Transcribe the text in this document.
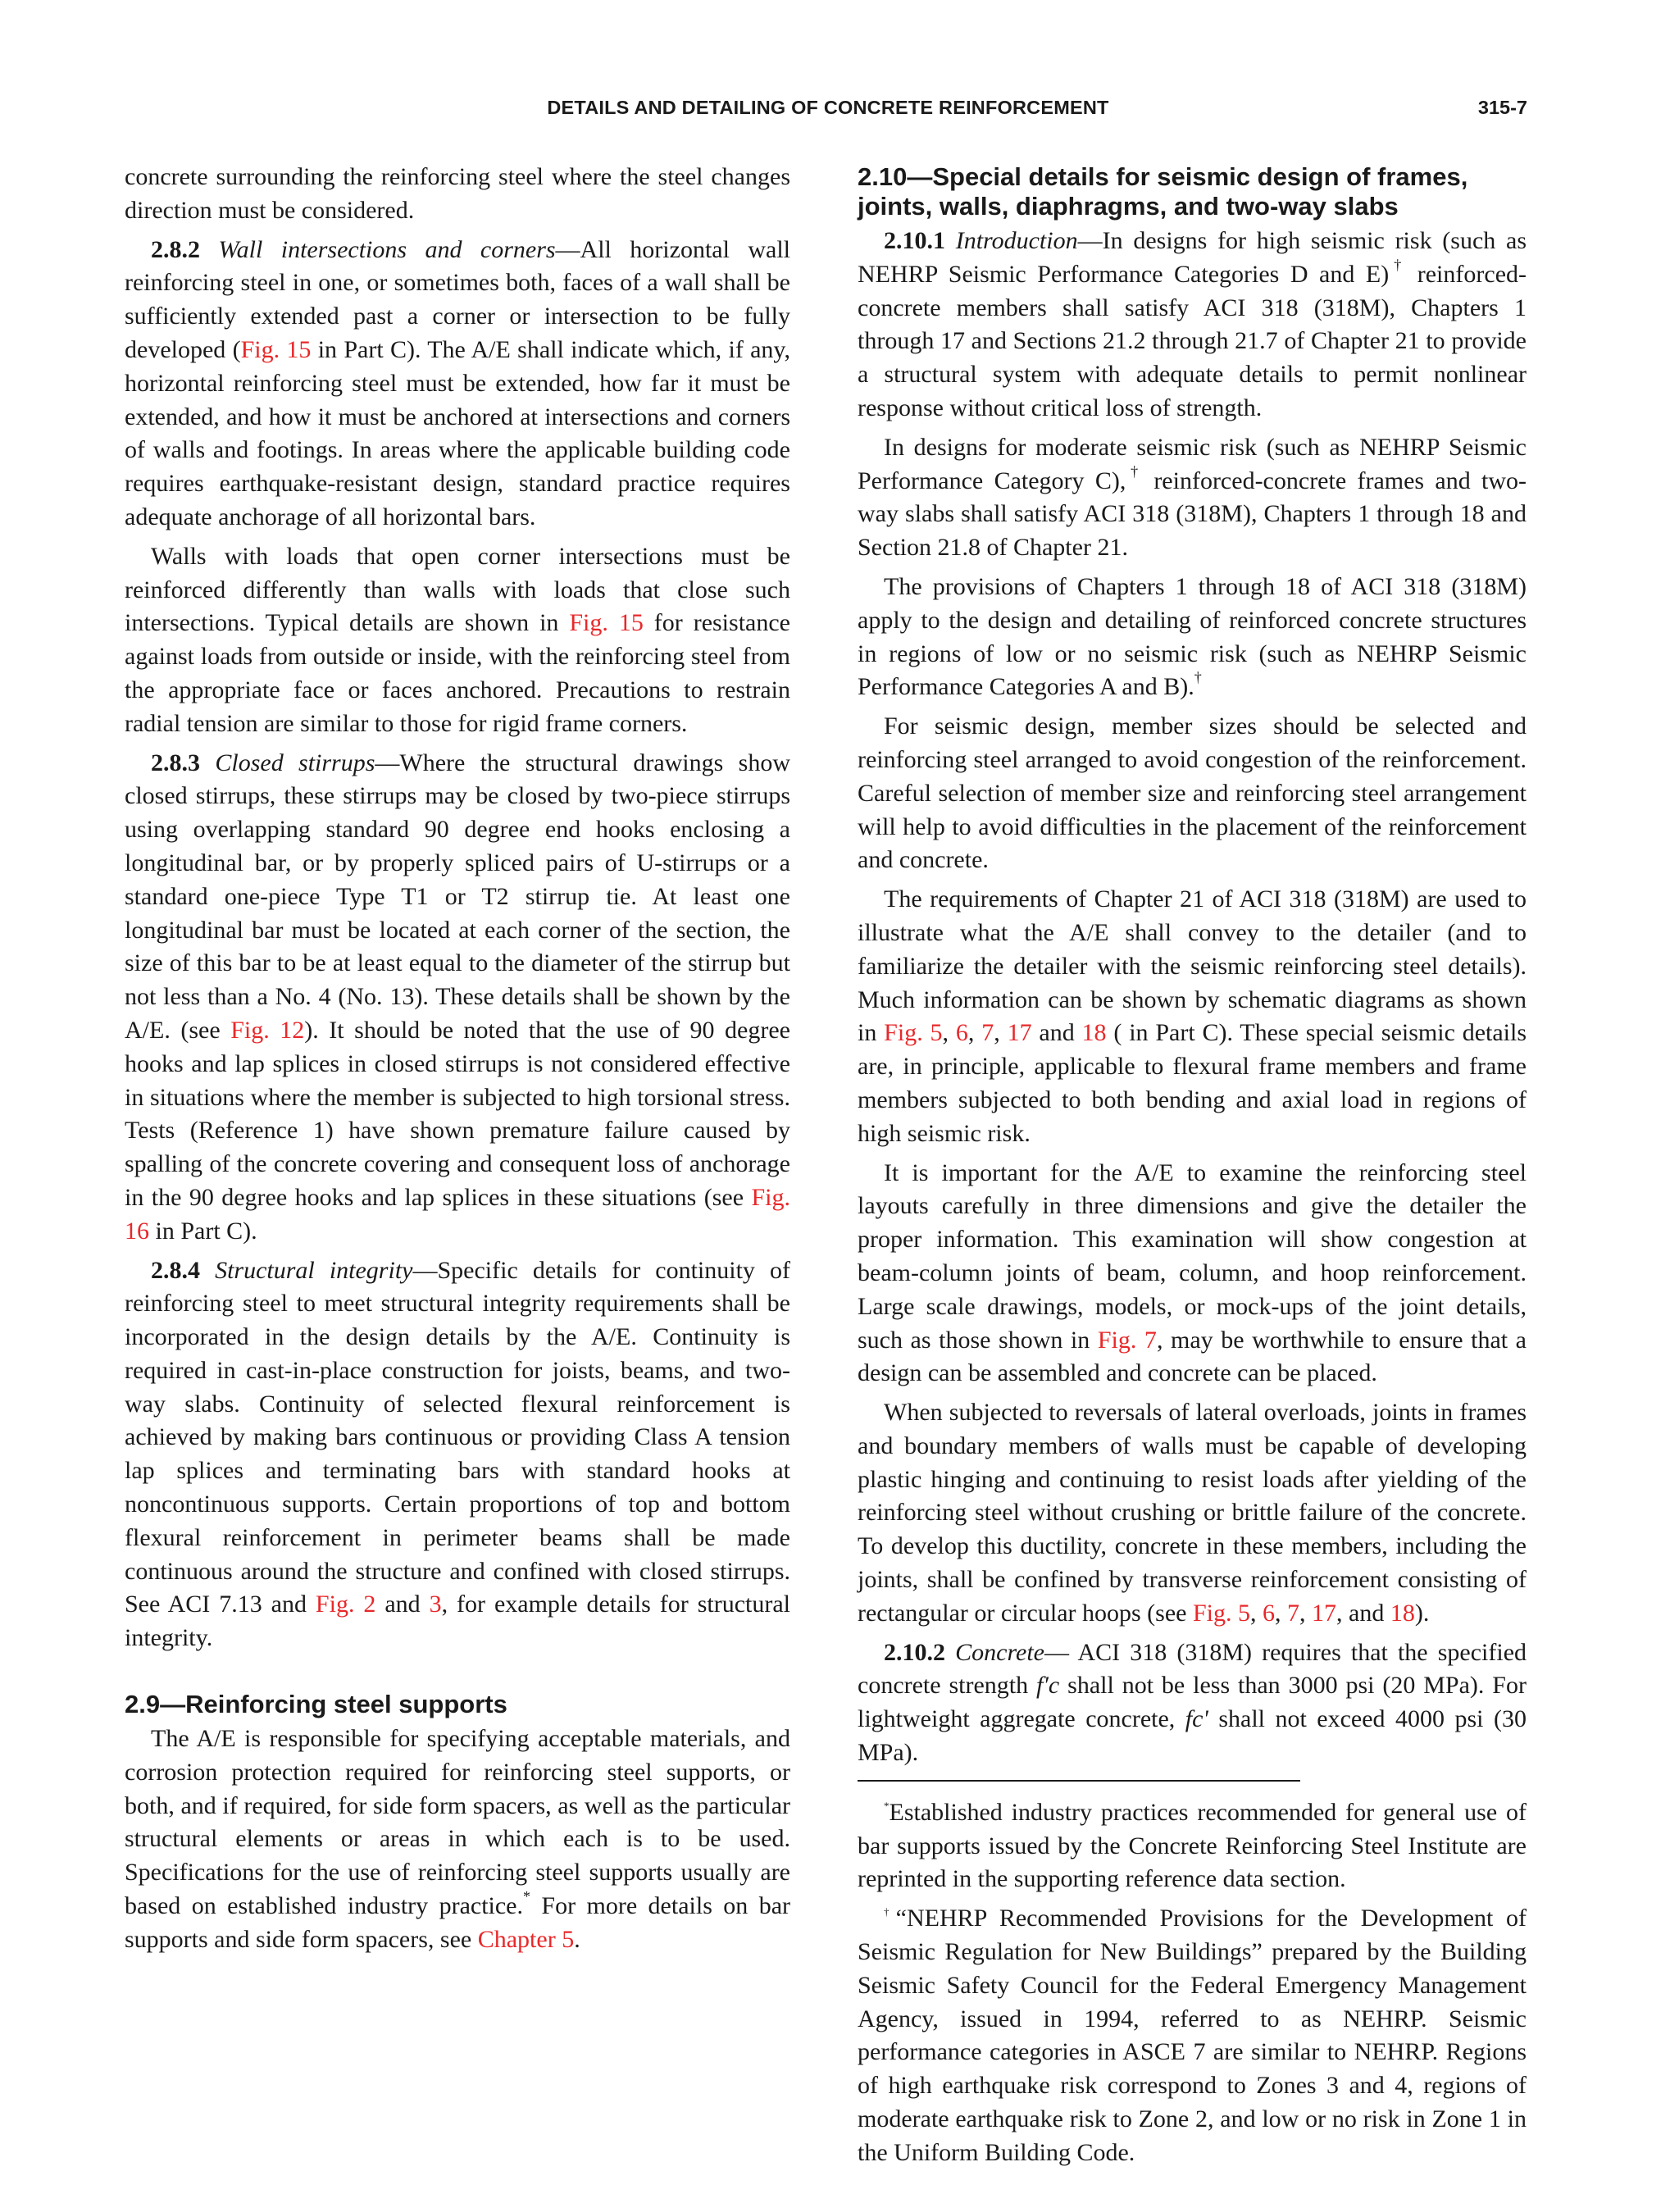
DETAILS AND DETAILING OF CONCRETE REINFORCEMENT	315-7

concrete surrounding the reinforcing steel where the steel changes direction must be considered.

2.8.2 Wall intersections and corners—All horizontal wall reinforcing steel in one, or sometimes both, faces of a wall shall be sufficiently extended past a corner or intersection to be fully developed (Fig. 15 in Part C). The A/E shall indicate which, if any, horizontal reinforcing steel must be extended, how far it must be extended, and how it must be anchored at intersections and corners of walls and footings. In areas where the applicable building code requires earthquake-resistant design, standard practice requires adequate anchorage of all horizontal bars.

Walls with loads that open corner intersections must be reinforced differently than walls with loads that close such intersections. Typical details are shown in Fig. 15 for resistance against loads from outside or inside, with the reinforcing steel from the appropriate face or faces anchored. Precautions to restrain radial tension are similar to those for rigid frame corners.

2.8.3 Closed stirrups—Where the structural drawings show closed stirrups, these stirrups may be closed by two-piece stirrups using overlapping standard 90 degree end hooks enclosing a longitudinal bar, or by properly spliced pairs of U-stirrups or a standard one-piece Type T1 or T2 stirrup tie. At least one longitudinal bar must be located at each corner of the section, the size of this bar to be at least equal to the diameter of the stirrup but not less than a No. 4 (No. 13). These details shall be shown by the A/E. (see Fig. 12). It should be noted that the use of 90 degree hooks and lap splices in closed stirrups is not considered effective in situations where the member is subjected to high torsional stress. Tests (Reference 1) have shown premature failure caused by spalling of the concrete covering and consequent loss of anchorage in the 90 degree hooks and lap splices in these situations (see Fig. 16 in Part C).

2.8.4 Structural integrity—Specific details for continuity of reinforcing steel to meet structural integrity requirements shall be incorporated in the design details by the A/E. Continuity is required in cast-in-place construction for joists, beams, and two-way slabs. Continuity of selected flexural reinforcement is achieved by making bars continuous or providing Class A tension lap splices and terminating bars with standard hooks at noncontinuous supports. Certain proportions of top and bottom flexural reinforcement in perimeter beams shall be made continuous around the structure and confined with closed stirrups. See ACI 7.13 and Fig. 2 and 3, for example details for structural integrity.

2.9—Reinforcing steel supports

The A/E is responsible for specifying acceptable materials, and corrosion protection required for reinforcing steel supports, or both, and if required, for side form spacers, as well as the particular structural elements or areas in which each is to be used. Specifications for the use of reinforcing steel supports usually are based on established industry practice.* For more details on bar supports and side form spacers, see Chapter 5.

2.10—Special details for seismic design of frames, joints, walls, diaphragms, and two-way slabs

2.10.1 Introduction—In designs for high seismic risk (such as NEHRP Seismic Performance Categories D and E)† reinforced-concrete members shall satisfy ACI 318 (318M), Chapters 1 through 17 and Sections 21.2 through 21.7 of Chapter 21 to provide a structural system with adequate details to permit nonlinear response without critical loss of strength.

In designs for moderate seismic risk (such as NEHRP Seismic Performance Category C),† reinforced-concrete frames and two-way slabs shall satisfy ACI 318 (318M), Chapters 1 through 18 and Section 21.8 of Chapter 21.

The provisions of Chapters 1 through 18 of ACI 318 (318M) apply to the design and detailing of reinforced concrete structures in regions of low or no seismic risk (such as NEHRP Seismic Performance Categories A and B).†

For seismic design, member sizes should be selected and reinforcing steel arranged to avoid congestion of the reinforcement. Careful selection of member size and reinforcing steel arrangement will help to avoid difficulties in the placement of the reinforcement and concrete.

The requirements of Chapter 21 of ACI 318 (318M) are used to illustrate what the A/E shall convey to the detailer (and to familiarize the detailer with the seismic reinforcing steel details). Much information can be shown by schematic diagrams as shown in Fig. 5, 6, 7, 17 and 18 ( in Part C). These special seismic details are, in principle, applicable to flexural frame members and frame members subjected to both bending and axial load in regions of high seismic risk.

It is important for the A/E to examine the reinforcing steel layouts carefully in three dimensions and give the detailer the proper information. This examination will show congestion at beam-column joints of beam, column, and hoop reinforcement. Large scale drawings, models, or mock-ups of the joint details, such as those shown in Fig. 7, may be worthwhile to ensure that a design can be assembled and concrete can be placed.

When subjected to reversals of lateral overloads, joints in frames and boundary members of walls must be capable of developing plastic hinging and continuing to resist loads after yielding of the reinforcing steel without crushing or brittle failure of the concrete. To develop this ductility, concrete in these members, including the joints, shall be confined by transverse reinforcement consisting of rectangular or circular hoops (see Fig. 5, 6, 7, 17, and 18).

2.10.2 Concrete— ACI 318 (318M) requires that the specified concrete strength f′c shall not be less than 3000 psi (20 MPa). For lightweight aggregate concrete, fc' shall not exceed 4000 psi (30 MPa).

*Established industry practices recommended for general use of bar supports issued by the Concrete Reinforcing Steel Institute are reprinted in the supporting reference data section.

†“NEHRP Recommended Provisions for the Development of Seismic Regulation for New Buildings” prepared by the Building Seismic Safety Council for the Federal Emergency Management Agency, issued in 1994, referred to as NEHRP. Seismic performance categories in ASCE 7 are similar to NEHRP. Regions of high earthquake risk correspond to Zones 3 and 4, regions of moderate earthquake risk to Zone 2, and low or no risk in Zone 1 in the Uniform Building Code.
